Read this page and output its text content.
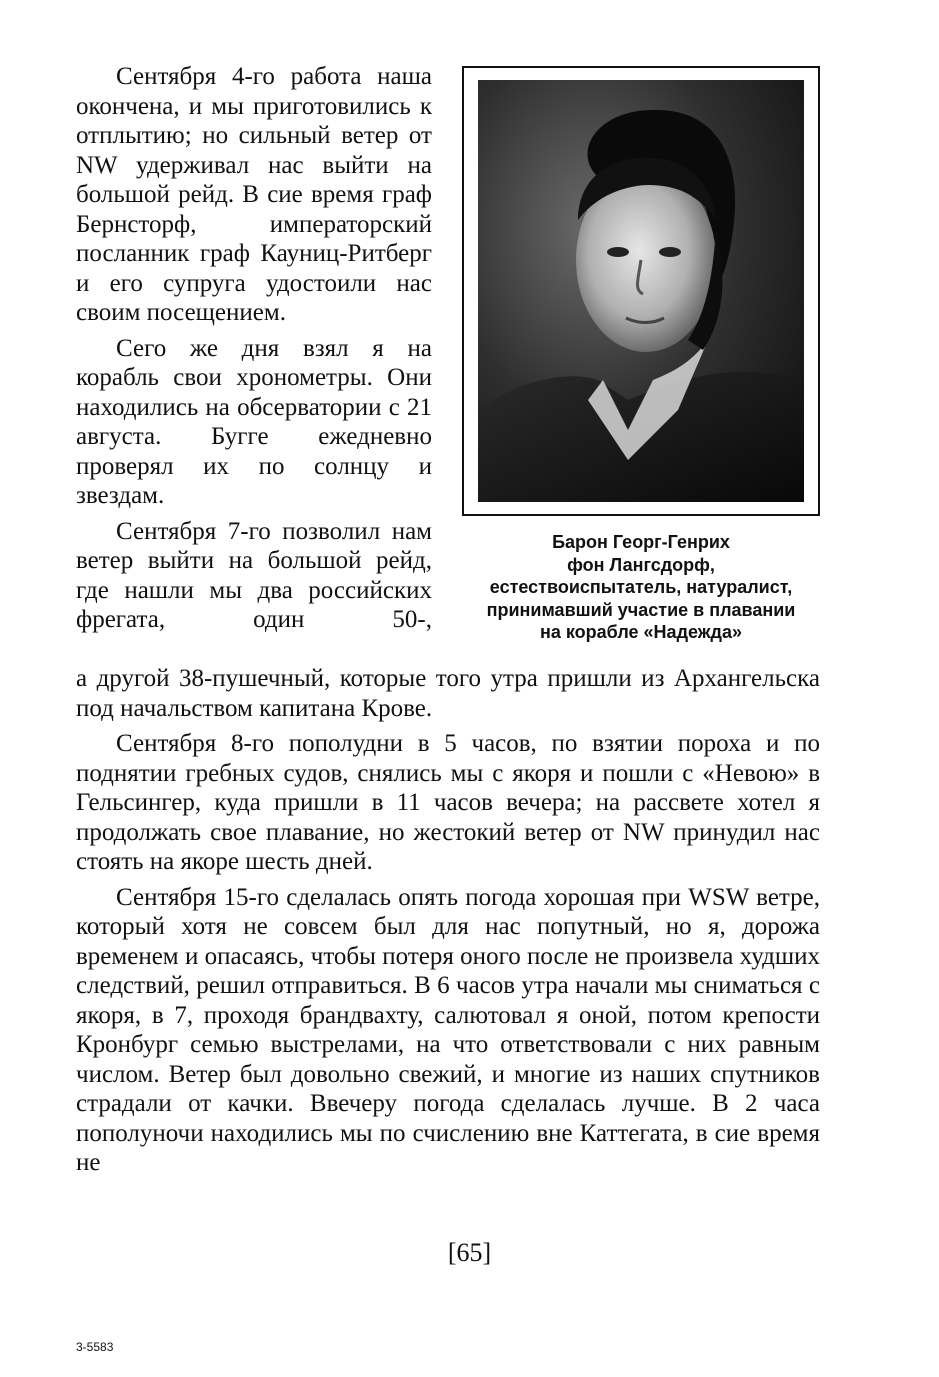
Сентября 4-го работа наша окончена, и мы приготовились к отплытию; но сильный ветер от NW удерживал нас выйти на большой рейд. В сие время граф Бернсторф, императорский посланник граф Кауниц-Ритберг и его супруга удостоили нас своим посещением.

Сего же дня взял я на корабль свои хронометры. Они находились на обсерватории с 21 августа. Бугге ежедневно проверял их по солнцу и звездам.

Сентября 7-го позволил нам ветер выйти на большой рейд, где нашли мы два российских фрегата, один 50-,

Барон Георг-Генрих
фон Лангсдорф,
естествоиспытатель, натуралист,
принимавший участие в плавании
на корабле «Надежда»

а другой 38-пушечный, которые того утра пришли из Архангельска под начальством капитана Крове.

Сентября 8-го пополудни в 5 часов, по взятии пороха и по поднятии гребных судов, снялись мы с якоря и пошли с «Невою» в Гельсингер, куда пришли в 11 часов вечера; на рассвете хотел я продолжать свое плавание, но жестокий ветер от NW принудил нас стоять на якоре шесть дней.

Сентября 15-го сделалась опять погода хорошая при WSW ветре, который хотя не совсем был для нас попутный, но я, дорожа временем и опасаясь, чтобы потеря оного после не произвела худших следствий, решил отправиться. В 6 часов утра начали мы сниматься с якоря, в 7, проходя брандвахту, салютовал я оной, потом крепости Кронбург семью выстрелами, на что ответствовали с них равным числом. Ветер был довольно свежий, и многие из наших спутников страдали от качки. Ввечеру погода сделалась лучше. В 2 часа пополуночи находились мы по счислению вне Каттегата, в сие время не

[65]
3-5583
